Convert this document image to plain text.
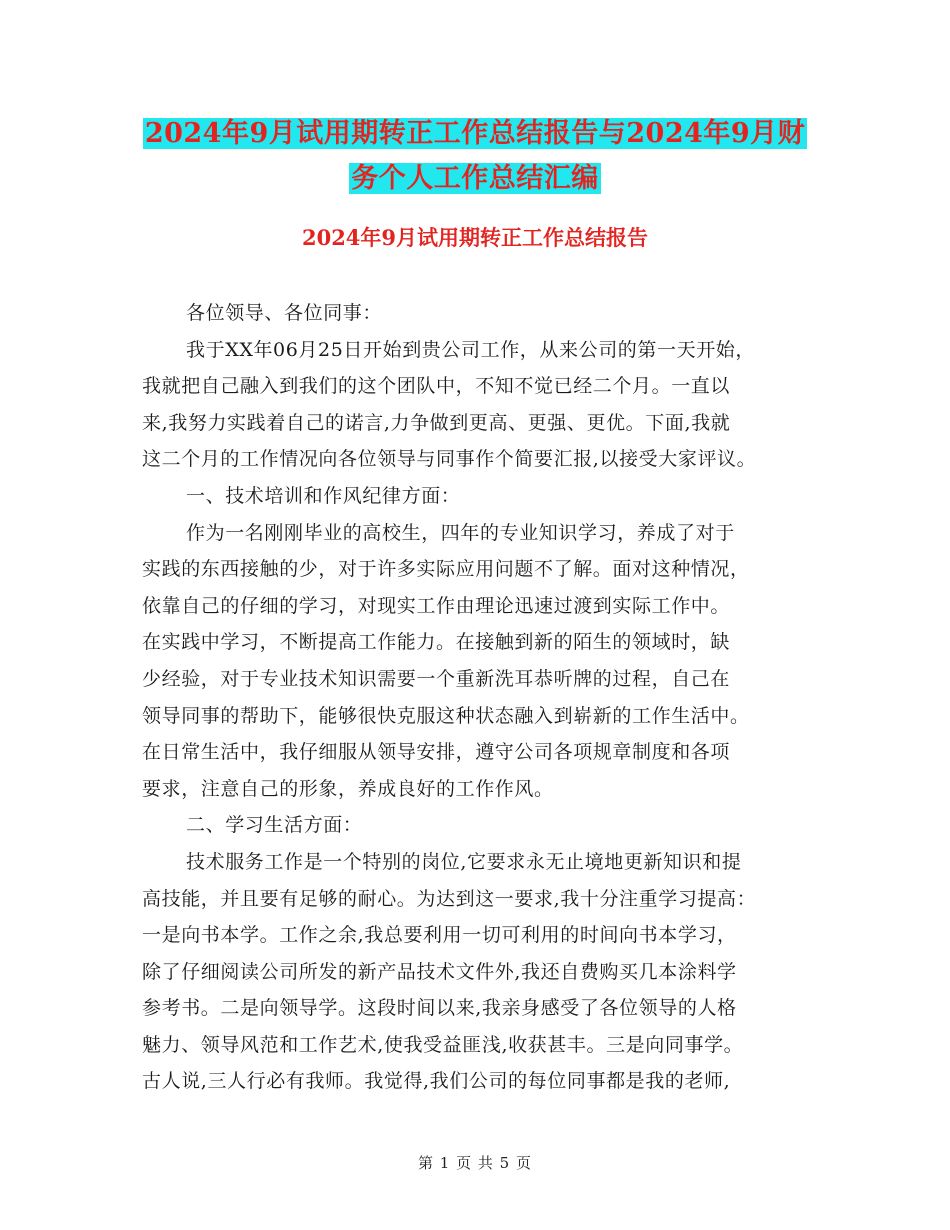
2024年9月试用期转正工作总结报告与2024年9月财
务个人工作总结汇编
2024年9月试用期转正工作总结报告
各位领导、各位同事：
我于XX年06月25日开始到贵公司工作，从来公司的第一天开始，
我就把自己融入到我们的这个团队中，不知不觉已经二个月。一直以
来,我努力实践着自己的诺言,力争做到更高、更强、更优。下面,我就
这二个月的工作情况向各位领导与同事作个简要汇报,以接受大家评议。
一、技术培训和作风纪律方面：
作为一名刚刚毕业的高校生，四年的专业知识学习，养成了对于
实践的东西接触的少，对于许多实际应用问题不了解。面对这种情况，
依靠自己的仔细的学习，对现实工作由理论迅速过渡到实际工作中。
在实践中学习，不断提高工作能力。在接触到新的陌生的领域时，缺
少经验，对于专业技术知识需要一个重新洗耳恭听牌的过程，自己在
领导同事的帮助下，能够很快克服这种状态融入到崭新的工作生活中。
在日常生活中，我仔细服从领导安排，遵守公司各项规章制度和各项
要求，注意自己的形象，养成良好的工作作风。
二、学习生活方面：
技术服务工作是一个特别的岗位,它要求永无止境地更新知识和提
高技能，并且要有足够的耐心。为达到这一要求,我十分注重学习提高：
一是向书本学。工作之余,我总要利用一切可利用的时间向书本学习，
除了仔细阅读公司所发的新产品技术文件外,我还自费购买几本涂料学
参考书。二是向领导学。这段时间以来,我亲身感受了各位领导的人格
魅力、领导风范和工作艺术,使我受益匪浅,收获甚丰。三是向同事学。
古人说,三人行必有我师。我觉得,我们公司的每位同事都是我的老师,
第 1 页 共 5 页
